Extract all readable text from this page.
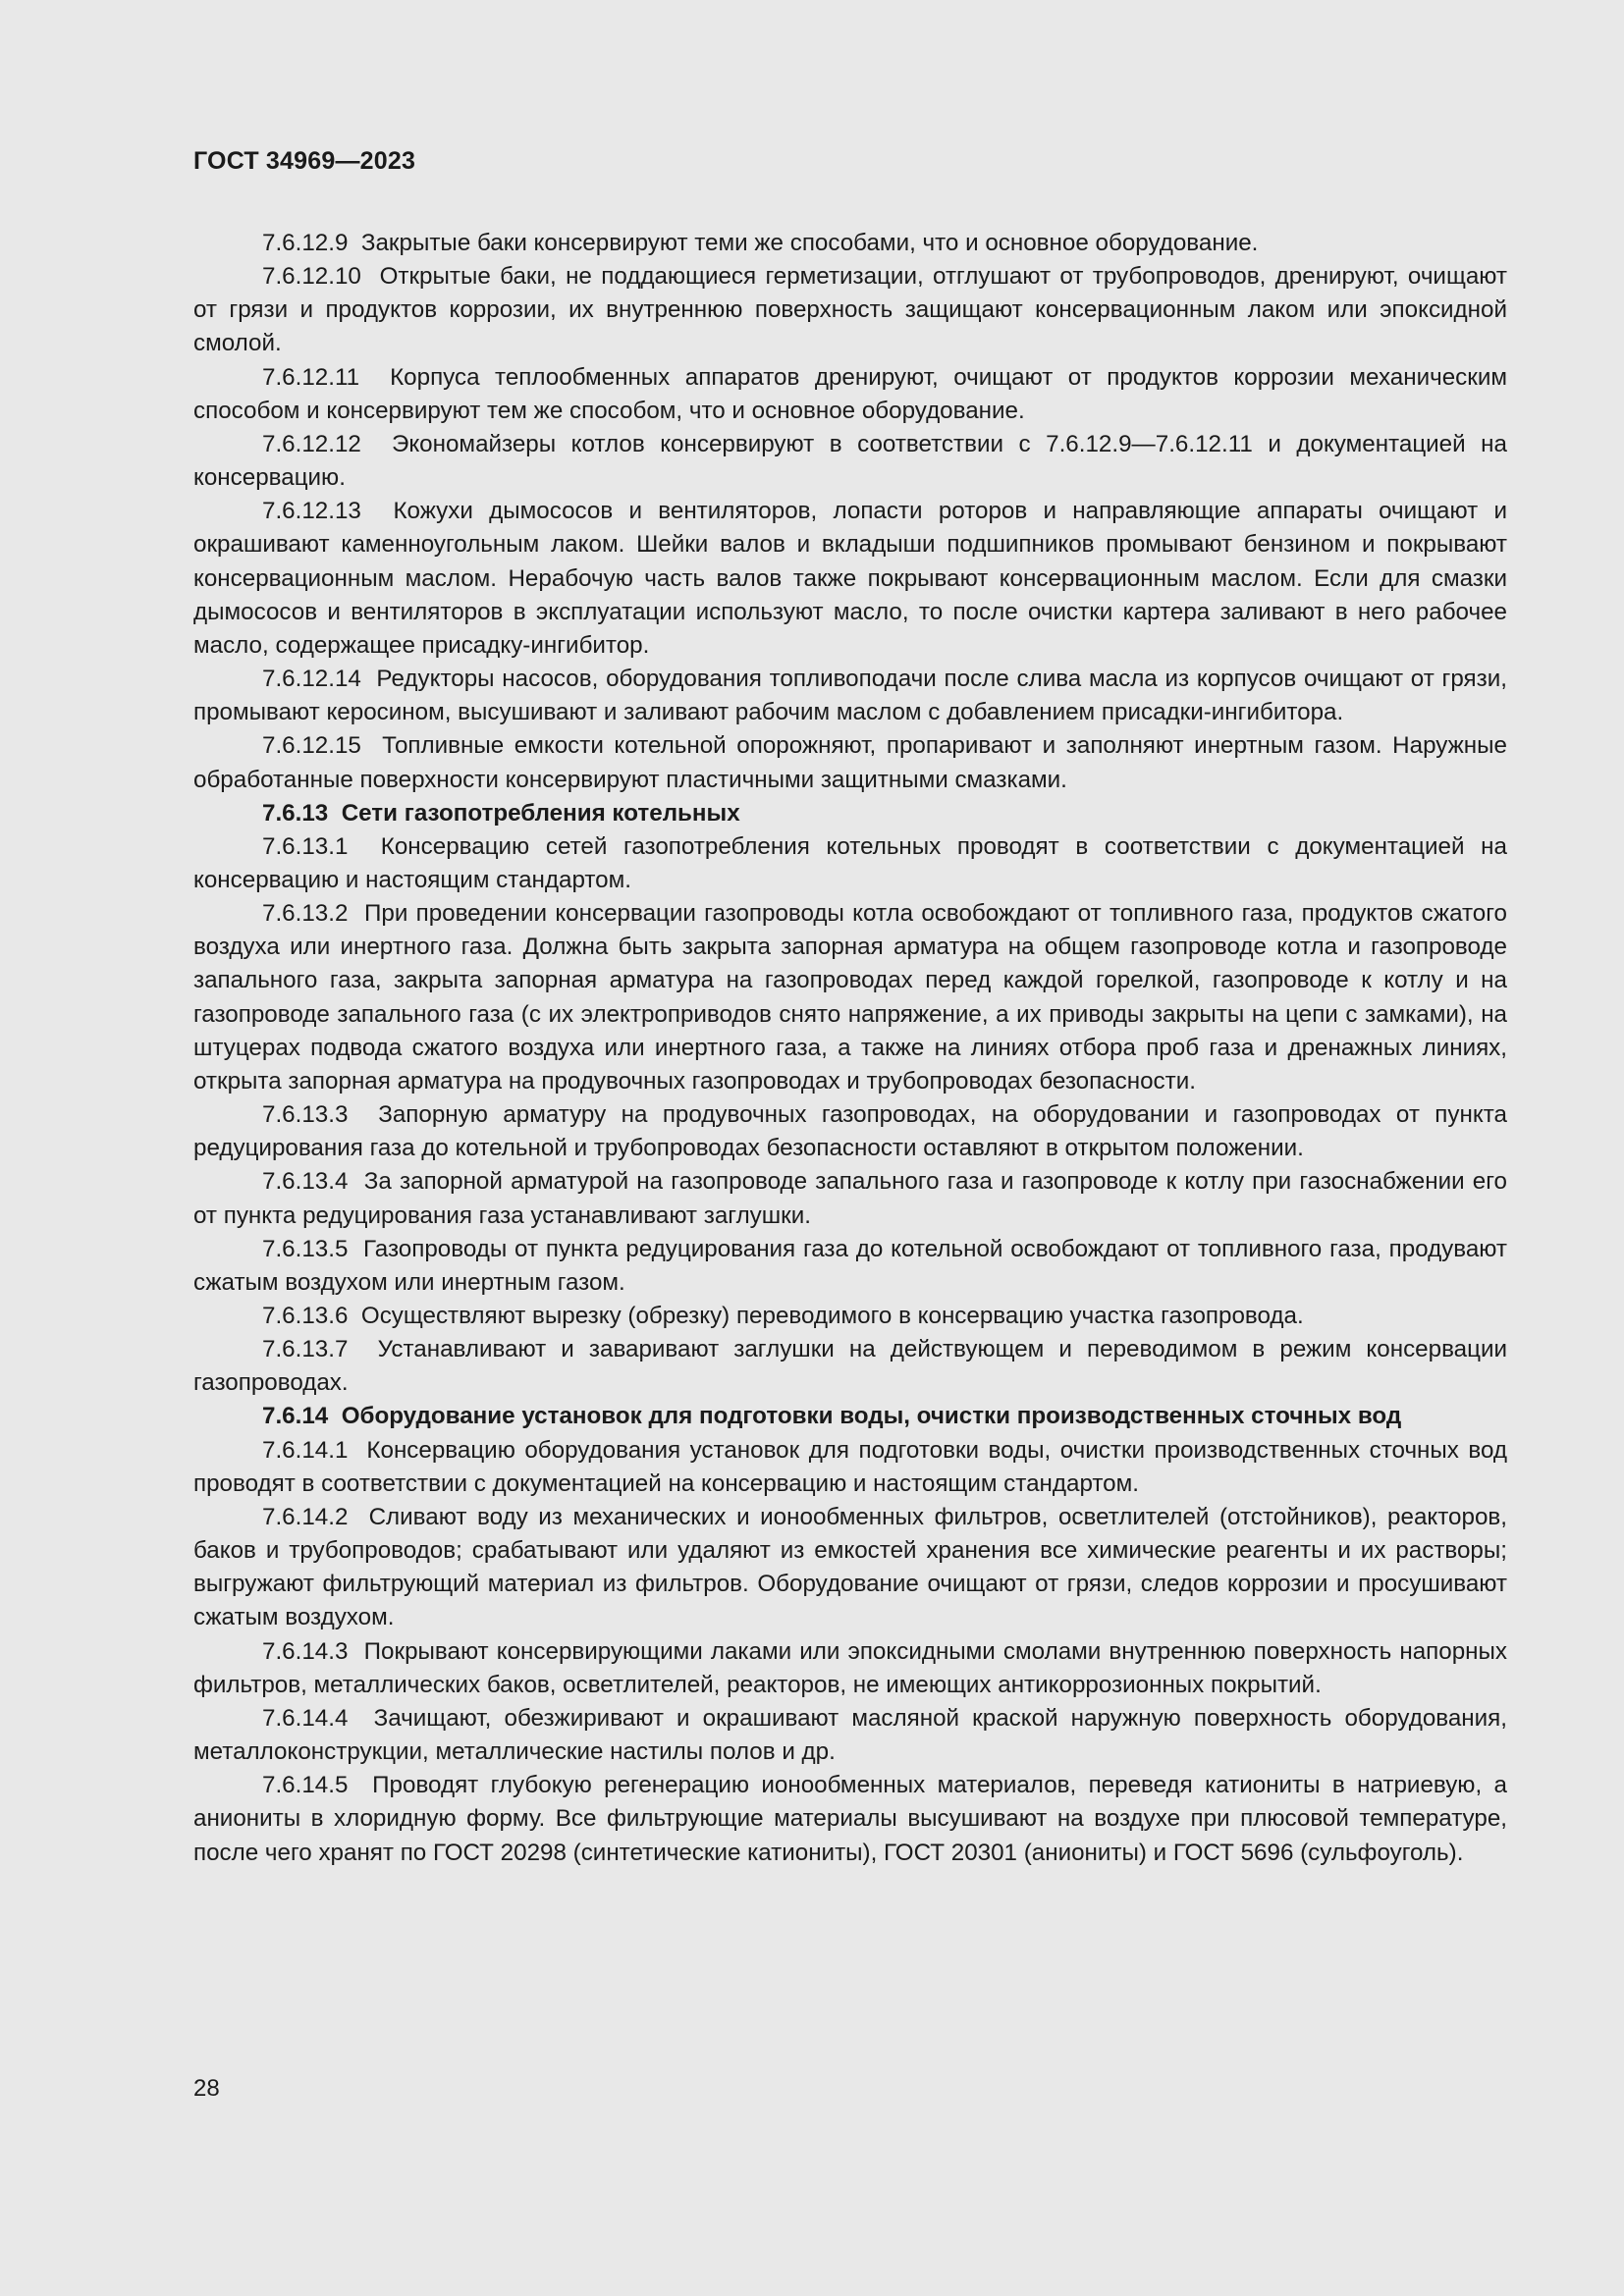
ГОСТ 34969—2023

7.6.12.9 Закрытые баки консервируют теми же способами, что и основное оборудование.

7.6.12.10 Открытые баки, не поддающиеся герметизации, отглушают от трубопроводов, дренируют, очищают от грязи и продуктов коррозии, их внутреннюю поверхность защищают консервационным лаком или эпоксидной смолой.

7.6.12.11 Корпуса теплообменных аппаратов дренируют, очищают от продуктов коррозии механическим способом и консервируют тем же способом, что и основное оборудование.

7.6.12.12 Экономайзеры котлов консервируют в соответствии с 7.6.12.9—7.6.12.11 и документацией на консервацию.

7.6.12.13 Кожухи дымососов и вентиляторов, лопасти роторов и направляющие аппараты очищают и окрашивают каменноугольным лаком. Шейки валов и вкладыши подшипников промывают бензином и покрывают консервационным маслом. Нерабочую часть валов также покрывают консервационным маслом. Если для смазки дымососов и вентиляторов в эксплуатации используют масло, то после очистки картера заливают в него рабочее масло, содержащее присадку-ингибитор.

7.6.12.14 Редукторы насосов, оборудования топливоподачи после слива масла из корпусов очищают от грязи, промывают керосином, высушивают и заливают рабочим маслом с добавлением присадки-ингибитора.

7.6.12.15 Топливные емкости котельной опорожняют, пропаривают и заполняют инертным газом. Наружные обработанные поверхности консервируют пластичными защитными смазками.

7.6.13 Сети газопотребления котельных

7.6.13.1 Консервацию сетей газопотребления котельных проводят в соответствии с документацией на консервацию и настоящим стандартом.

7.6.13.2 При проведении консервации газопроводы котла освобождают от топливного газа, продуктов сжатого воздуха или инертного газа. Должна быть закрыта запорная арматура на общем газопроводе котла и газопроводе запального газа, закрыта запорная арматура на газопроводах перед каждой горелкой, газопроводе к котлу и на газопроводе запального газа (с их электроприводов снято напряжение, а их приводы закрыты на цепи с замками), на штуцерах подвода сжатого воздуха или инертного газа, а также на линиях отбора проб газа и дренажных линиях, открыта запорная арматура на продувочных газопроводах и трубопроводах безопасности.

7.6.13.3 Запорную арматуру на продувочных газопроводах, на оборудовании и газопроводах от пункта редуцирования газа до котельной и трубопроводах безопасности оставляют в открытом положении.

7.6.13.4 За запорной арматурой на газопроводе запального газа и газопроводе к котлу при газоснабжении его от пункта редуцирования газа устанавливают заглушки.

7.6.13.5 Газопроводы от пункта редуцирования газа до котельной освобождают от топливного газа, продувают сжатым воздухом или инертным газом.

7.6.13.6 Осуществляют вырезку (обрезку) переводимого в консервацию участка газопровода.

7.6.13.7 Устанавливают и заваривают заглушки на действующем и переводимом в режим консервации газопроводах.

7.6.14 Оборудование установок для подготовки воды, очистки производственных сточных вод

7.6.14.1 Консервацию оборудования установок для подготовки воды, очистки производственных сточных вод проводят в соответствии с документацией на консервацию и настоящим стандартом.

7.6.14.2 Сливают воду из механических и ионообменных фильтров, осветлителей (отстойников), реакторов, баков и трубопроводов; срабатывают или удаляют из емкостей хранения все химические реагенты и их растворы; выгружают фильтрующий материал из фильтров. Оборудование очищают от грязи, следов коррозии и просушивают сжатым воздухом.

7.6.14.3 Покрывают консервирующими лаками или эпоксидными смолами внутреннюю поверхность напорных фильтров, металлических баков, осветлителей, реакторов, не имеющих антикоррозионных покрытий.

7.6.14.4 Зачищают, обезжиривают и окрашивают масляной краской наружную поверхность оборудования, металлоконструкции, металлические настилы полов и др.

7.6.14.5 Проводят глубокую регенерацию ионообменных материалов, переведя катиониты в натриевую, а аниониты в хлоридную форму. Все фильтрующие материалы высушивают на воздухе при плюсовой температуре, после чего хранят по ГОСТ 20298 (синтетические катиониты), ГОСТ 20301 (аниониты) и ГОСТ 5696 (сульфоуголь).

28
